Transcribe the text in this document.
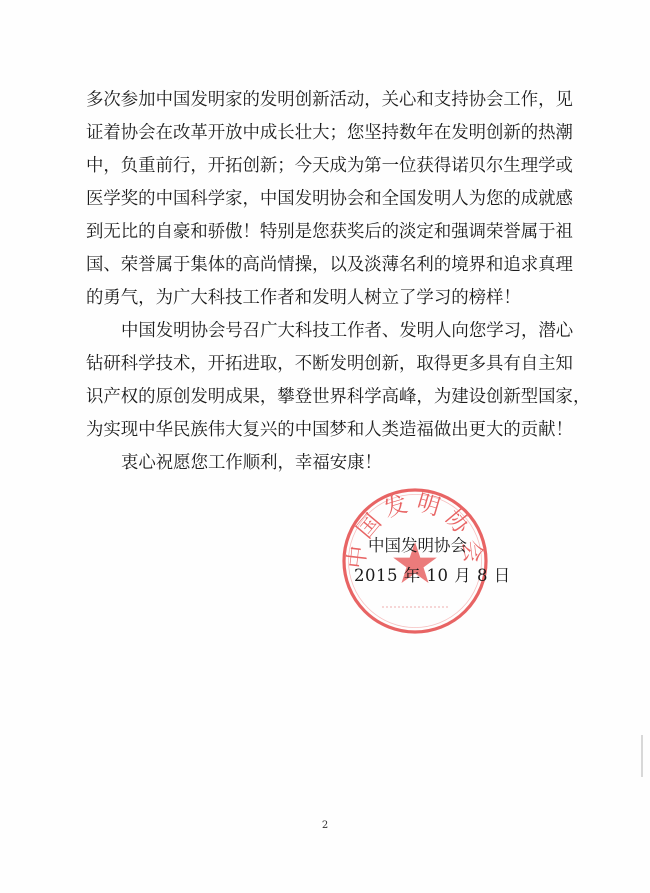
多次参加中国发明家的发明创新活动，关心和支持协会工作，见
证着协会在改革开放中成长壮大；您坚持数年在发明创新的热潮
中，负重前行，开拓创新；今天成为第一位获得诺贝尔生理学或
医学奖的中国科学家，中国发明协会和全国发明人为您的成就感
到无比的自豪和骄傲！特别是您获奖后的淡定和强调荣誉属于祖
国、荣誉属于集体的高尚情操，以及淡薄名利的境界和追求真理
的勇气，为广大科技工作者和发明人树立了学习的榜样！
中国发明协会号召广大科技工作者、发明人向您学习，潜心
钻研科学技术，开拓进取，不断发明创新，取得更多具有自主知
识产权的原创发明成果，攀登世界科学高峰，为建设创新型国家，
为实现中华民族伟大复兴的中国梦和人类造福做出更大的贡献！
衷心祝愿您工作顺利，幸福安康！
中国发明协会
中国发明协会
2015 年 10 月 8 日
2
